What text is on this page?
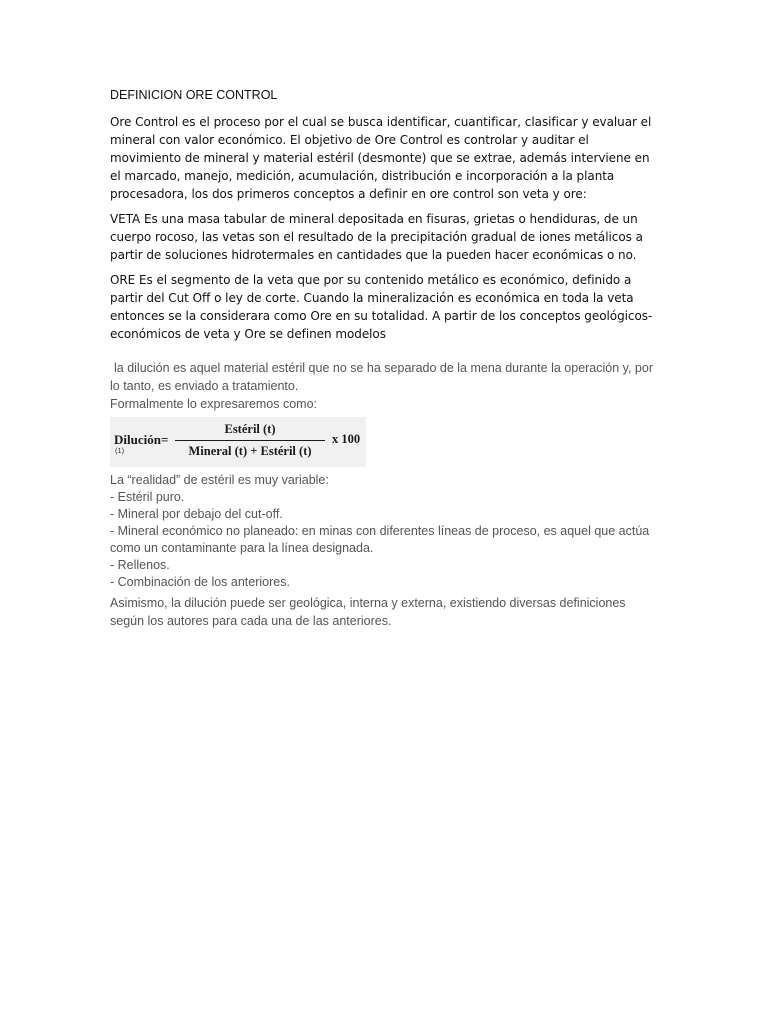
DEFINICION ORE CONTROL

Ore Control es el proceso por el cual se busca identificar, cuantificar, clasificar y evaluar el mineral con valor económico. El objetivo de Ore Control es controlar y auditar el movimiento de mineral y material estéril (desmonte) que se extrae, además interviene en el marcado, manejo, medición, acumulación, distribución e incorporación a la planta procesadora, los dos primeros conceptos a definir en ore control son veta y ore:

VETA Es una masa tabular de mineral depositada en fisuras, grietas o hendiduras, de un cuerpo rocoso, las vetas son el resultado de la precipitación gradual de iones metálicos a partir de soluciones hidrotermales en cantidades que la pueden hacer económicas o no.

ORE Es el segmento de la veta que por su contenido metálico es económico, definido a partir del Cut Off o ley de corte. Cuando la mineralización es económica en toda la veta entonces se la considerara como Ore en su totalidad. A partir de los conceptos geológicos-económicos de veta y Ore se definen modelos

la dilución es aquel material estéril que no se ha separado de la mena durante la operación y, por lo tanto, es enviado a tratamiento.

Formalmente lo expresaremos como:

Dilución=
(1)
Estéril (t)
Mineral (t) + Estéril (t)
x 100

La “realidad” de estéril es muy variable:

- Estéril puro.
- Mineral por debajo del cut-off.
- Mineral económico no planeado: en minas con diferentes líneas de proceso, es aquel que actúa como un contaminante para la línea designada.
- Rellenos.
- Combinación de los anteriores.

Asimismo, la dilución puede ser geológica, interna y externa, existiendo diversas definiciones según los autores para cada una de las anteriores.
